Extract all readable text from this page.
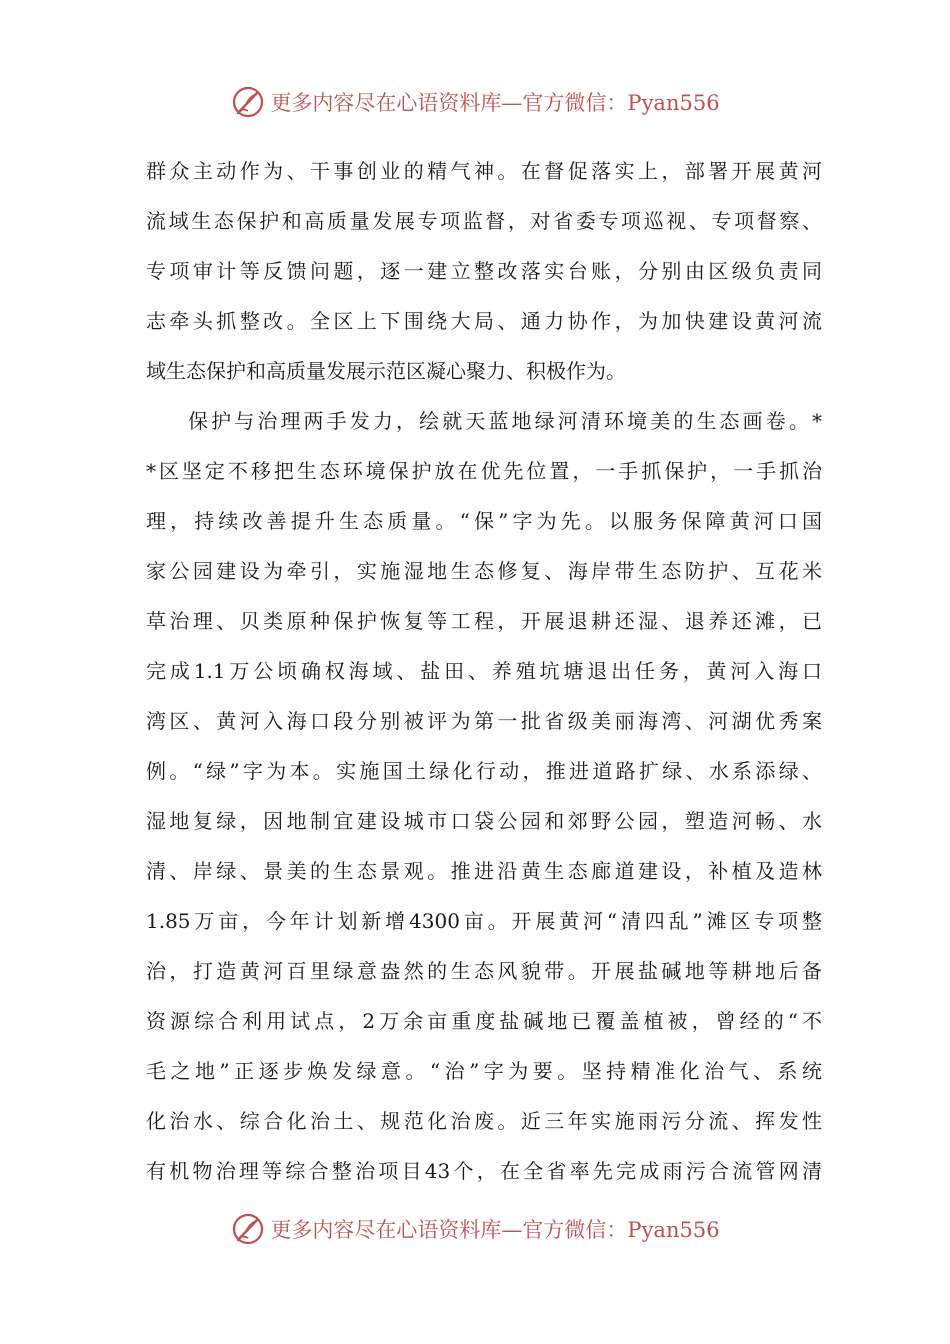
更多内容尽在心语资料库—官方微信：Pyan556
群众主动作为、干事创业的精气神。在督促落实上，部署开展黄河
流域生态保护和高质量发展专项监督，对省委专项巡视、专项督察、
专项审计等反馈问题，逐一建立整改落实台账，分别由区级负责同
志牵头抓整改。全区上下围绕大局、通力协作，为加快建设黄河流
域生态保护和高质量发展示范区凝心聚力、积极作为。
保护与治理两手发力，绘就天蓝地绿河清环境美的生态画卷。*
*区坚定不移把生态环境保护放在优先位置，一手抓保护，一手抓治
理，持续改善提升生态质量。“保”字为先。以服务保障黄河口国
家公园建设为牵引，实施湿地生态修复、海岸带生态防护、互花米
草治理、贝类原种保护恢复等工程，开展退耕还湿、退养还滩，已
完成1.1万公顷确权海域、盐田、养殖坑塘退出任务，黄河入海口
湾区、黄河入海口段分别被评为第一批省级美丽海湾、河湖优秀案
例。“绿”字为本。实施国土绿化行动，推进道路扩绿、水系添绿、
湿地复绿，因地制宜建设城市口袋公园和郊野公园，塑造河畅、水
清、岸绿、景美的生态景观。推进沿黄生态廊道建设，补植及造林
1.85万亩，今年计划新增4300亩。开展黄河“清四乱”滩区专项整
治，打造黄河百里绿意盎然的生态风貌带。开展盐碱地等耕地后备
资源综合利用试点，2万余亩重度盐碱地已覆盖植被，曾经的“不
毛之地”正逐步焕发绿意。“治”字为要。坚持精准化治气、系统
化治水、综合化治土、规范化治废。近三年实施雨污分流、挥发性
有机物治理等综合整治项目43个，在全省率先完成雨污合流管网清
更多内容尽在心语资料库—官方微信：Pyan556
